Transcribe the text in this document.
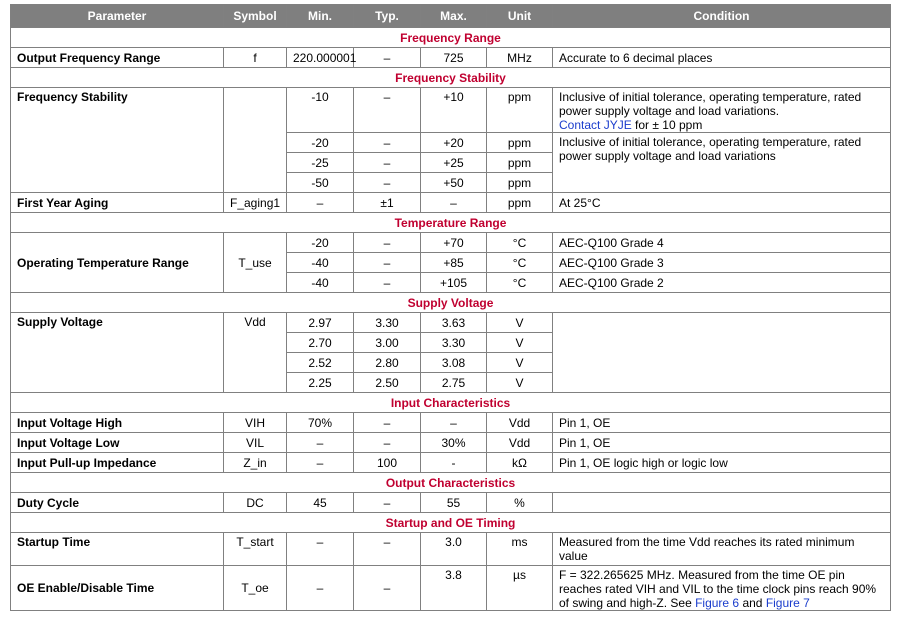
Parameter	Symbol	Min.	Typ.	Max.	Unit	Condition
Frequency Range						
Output Frequency Range	f	220.000001	–	725	MHz	Accurate to 6 decimal places
Frequency Stability						
Frequency Stability		-10	–	+10	ppm	Inclusive of initial tolerance, operating temperature, rated power supply voltage and load variations.
Contact JYJE for ± 10 ppm
		-20	–	+20	ppm	Inclusive of initial tolerance, operating temperature, rated power supply voltage and load variations
		-25	–	+25	ppm	
		-50	–	+50	ppm	
First Year Aging	F_aging1	–	±1	–	ppm	At 25°C
Temperature Range						
Operating Temperature Range	T_use	-20	–	+70	°C	AEC-Q100 Grade 4
		-40	–	+85	°C	AEC-Q100 Grade 3
		-40	–	+105	°C	AEC-Q100 Grade 2
Supply Voltage						
Supply Voltage	Vdd	2.97	3.30	3.63	V	
		2.70	3.00	3.30	V	
		2.52	2.80	3.08	V	
		2.25	2.50	2.75	V	
Input Characteristics						
Input Voltage High	VIH	70%	–	–	Vdd	Pin 1, OE
Input Voltage Low	VIL	–	–	30%	Vdd	Pin 1, OE
Input Pull-up Impedance	Z_in	–	100	-	kΩ	Pin 1, OE logic high or logic low
Output Characteristics						
Duty Cycle	DC	45	–	55	%	
Startup and OE Timing						
Startup Time	T_start	–	–	3.0	ms	Measured from the time Vdd reaches its rated minimum value
OE Enable/Disable Time	T_oe	–	–	3.8	µs	F = 322.265625 MHz. Measured from the time OE pin reaches rated VIH and VIL to the time clock pins reach 90% of swing and high-Z. See Figure 6 and Figure 7
